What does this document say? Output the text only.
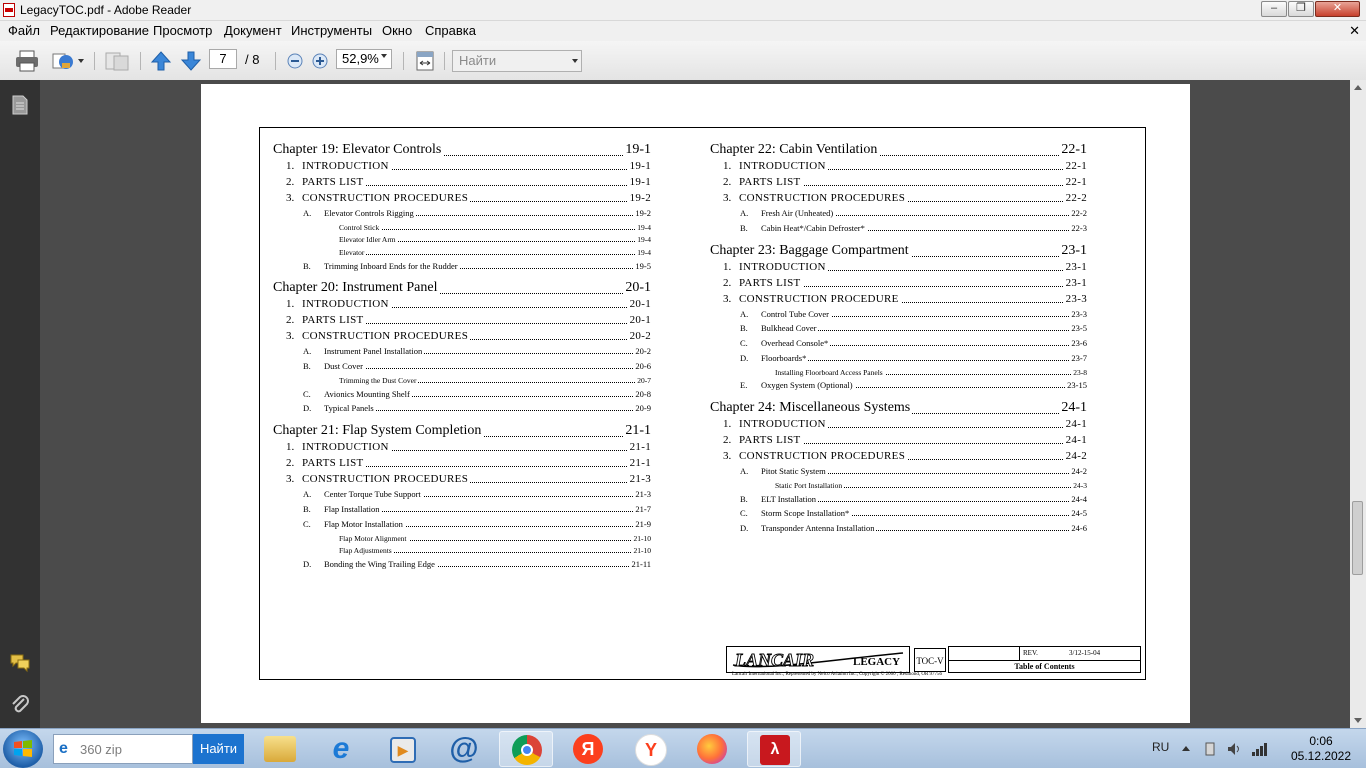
LegacyTOC.pdf - Adobe Reader	–	❐	✕
Файл Редактирование Просмотр Документ Инструменты Окно Справка	✕
7	/ 8	52,9%	Найти
LANCAIR	LEGACY TOC-V
REV.	3/12-15-04
Table of Contents
Lancair International Inc., Represented by Neico Aviation Inc., Copyright © 2000 , Redmond, OR 97756
e 360 zip	Найти	e	▶ @	Я	Y	λ	RU	0:06
05.12.2022
Chapter 19: Elevator Controls	19-1
1. INTRODUCTION	19-1
2. PARTS LIST	19-1
3. CONSTRUCTION PROCEDURES	19-2
A. Elevator Controls Rigging	19-2
Control Stick	19-4
Elevator Idler Arm	19-4
Elevator	19-4
B. Trimming Inboard Ends for the Rudder	19-5
Chapter 20: Instrument Panel	20-1
1. INTRODUCTION	20-1
2. PARTS LIST	20-1
3. CONSTRUCTION PROCEDURES	20-2
A. Instrument Panel Installation	20-2
B. Dust Cover	20-6
Trimming the Dust Cover	20-7
C. Avionics Mounting Shelf	20-8
D. Typical Panels	20-9
Chapter 21: Flap System Completion	21-1
1. INTRODUCTION	21-1
2. PARTS LIST	21-1
3. CONSTRUCTION PROCEDURES	21-3
A. Center Torque Tube Support	21-3
B. Flap Installation	21-7
C. Flap Motor Installation	21-9
Flap Motor Alignment	21-10
Flap Adjustments	21-10
D. Bonding the Wing Trailing Edge	21-11
Chapter 22: Cabin Ventilation	22-1
1. INTRODUCTION	22-1
2. PARTS LIST	22-1
3. CONSTRUCTION PROCEDURES	22-2
A. Fresh Air (Unheated)	22-2
B. Cabin Heat*/Cabin Defroster*	22-3
Chapter 23: Baggage Compartment	23-1
1. INTRODUCTION	23-1
2. PARTS LIST	23-1
3. CONSTRUCTION PROCEDURE	23-3
A. Control Tube Cover	23-3
B. Bulkhead Cover	23-5
C. Overhead Console*	23-6
D. Floorboards*	23-7
Installing Floorboard Access Panels	23-8
E. Oxygen System (Optional)	23-15
Chapter 24: Miscellaneous Systems	24-1
1. INTRODUCTION	24-1
2. PARTS LIST	24-1
3. CONSTRUCTION PROCEDURES	24-2
A. Pitot Static System	24-2
Static Port Installation	24-3
B. ELT Installation	24-4
C. Storm Scope Installation*	24-5
D. Transponder Antenna Installation	24-6
